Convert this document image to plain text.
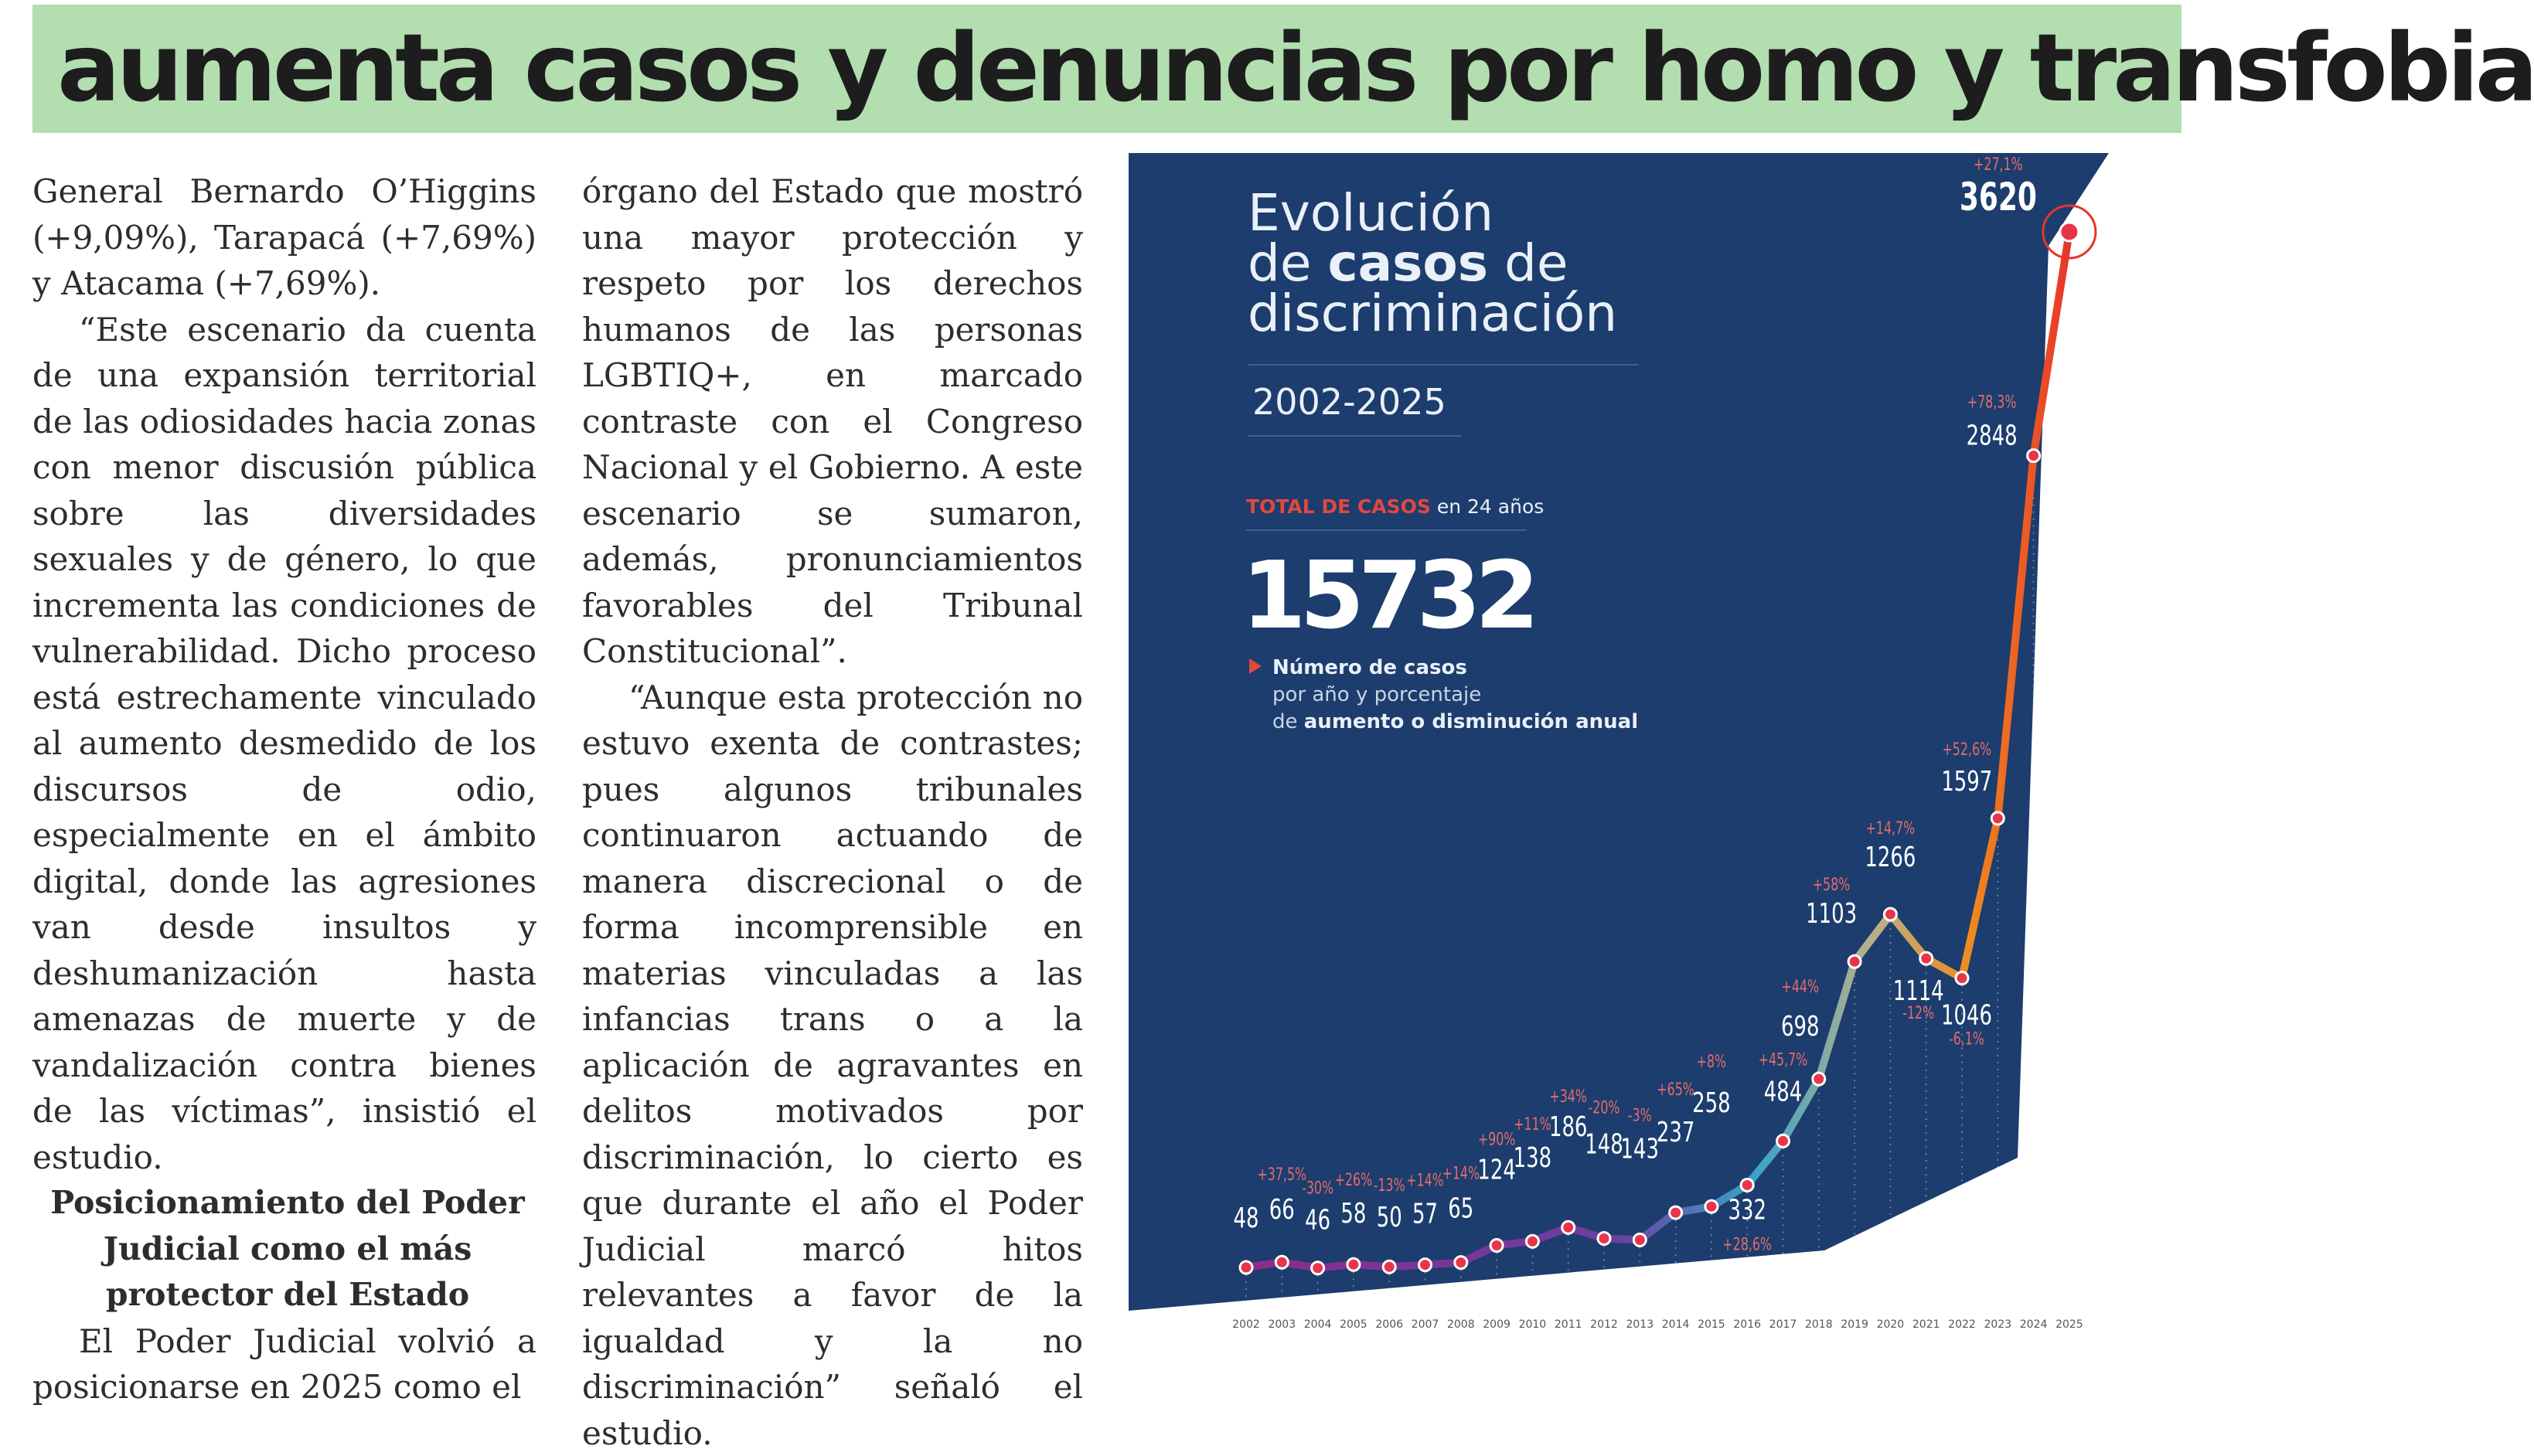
aumenta casos y denuncias por homo y transfobia

General Bernardo O’Higgins (+9,09%), Tarapacá (+7,69%) y Atacama (+7,69%).

“Este escenario da cuenta de una expansión territorial de las odiosidades hacia zonas con menor discusión pública sobre las diversidades sexuales y de género, lo que incrementa las condiciones de vulnerabilidad. Dicho proceso está estrechamente vinculado al aumento desmedido de los discursos de odio, especialmente en el ámbito digital, donde las agresiones van desde insultos y deshumanización hasta amenazas de muerte y de vandalización contra bienes de las víctimas”, insistió el estudio.

Posicionamiento del Poder Judicial como el más protector del Estado

El Poder Judicial volvió a posicionarse en 2025 como el

órgano del Estado que mostró una mayor protección y respeto por los derechos humanos de las personas LGBTIQ+, en marcado contraste con el Congreso Nacional y el Gobierno. A este escenario se sumaron, además, pronunciamientos favorables del Tribunal Constitucional”.

“Aunque esta protección no estuvo exenta de contrastes; pues algunos tribunales continuaron actuando de manera discrecional o de forma incomprensible en materias vinculadas a las infancias trans o a la aplicación de agravantes en delitos motivados por discriminación, lo cierto es que durante el año el Poder Judicial marcó hitos relevantes a favor de la igualdad y la no discriminación” señaló el estudio.

2002 2003 2004 2005 2006 2007 2008 2009 2010 2011 2012 2013 2014 2015 2016 2017 2018 2019 2020 2021 2022 2023 2024 2025
48 66
+37,5%
46
-30%
58
+26%
50
-13%
57
+14%
65
+14%
124
+90%
138
+11%
186
+34%
148
-20%
143
-3%
237
+65%
258
+8%
332
+28,6%
484
+45,7%
698
+44%
1103
+58%
1266
+14,7%
1114
-12% 1046
-6,1%
1597
+52,6%
2848
+78,3%
3620
+27,1%
Evolución
de casos de
discriminación
2002-2025
TOTAL DE CASOS en 24 años
15732
Número de casos
por año y porcentaje
de aumento o disminución anual
